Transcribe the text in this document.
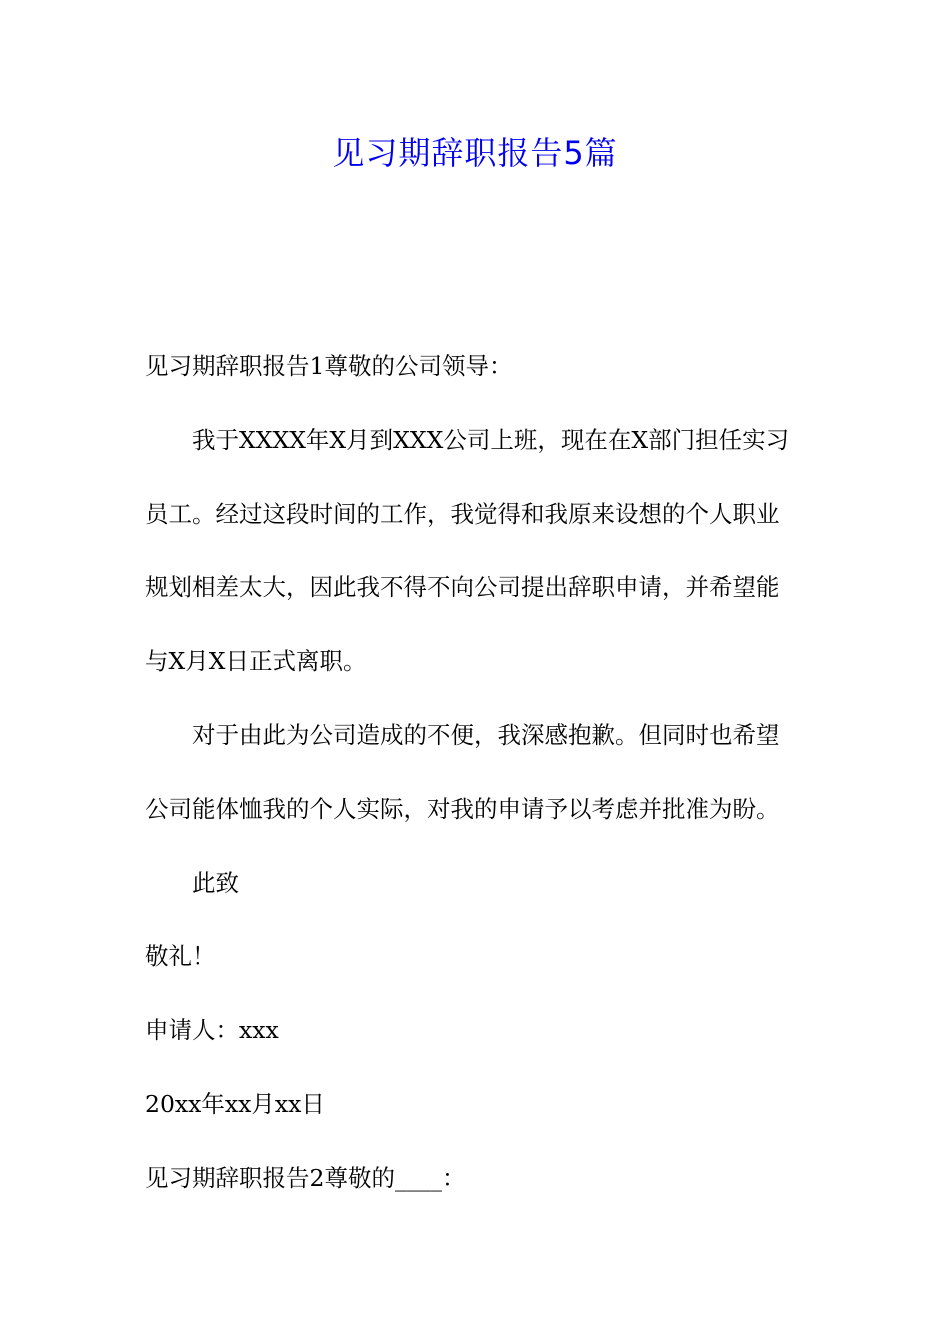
见习期辞职报告5篇

见习期辞职报告1尊敬的公司领导：

我于XXXX年X月到XXX公司上班，现在在X部门担任实习

员工。经过这段时间的工作，我觉得和我原来设想的个人职业

规划相差太大，因此我不得不向公司提出辞职申请，并希望能

与X月X日正式离职。

对于由此为公司造成的不便，我深感抱歉。但同时也希望

公司能体恤我的个人实际，对我的申请予以考虑并批准为盼。

此致

敬礼！

申请人：xxx

20xx年xx月xx日

见习期辞职报告2尊敬的____：
